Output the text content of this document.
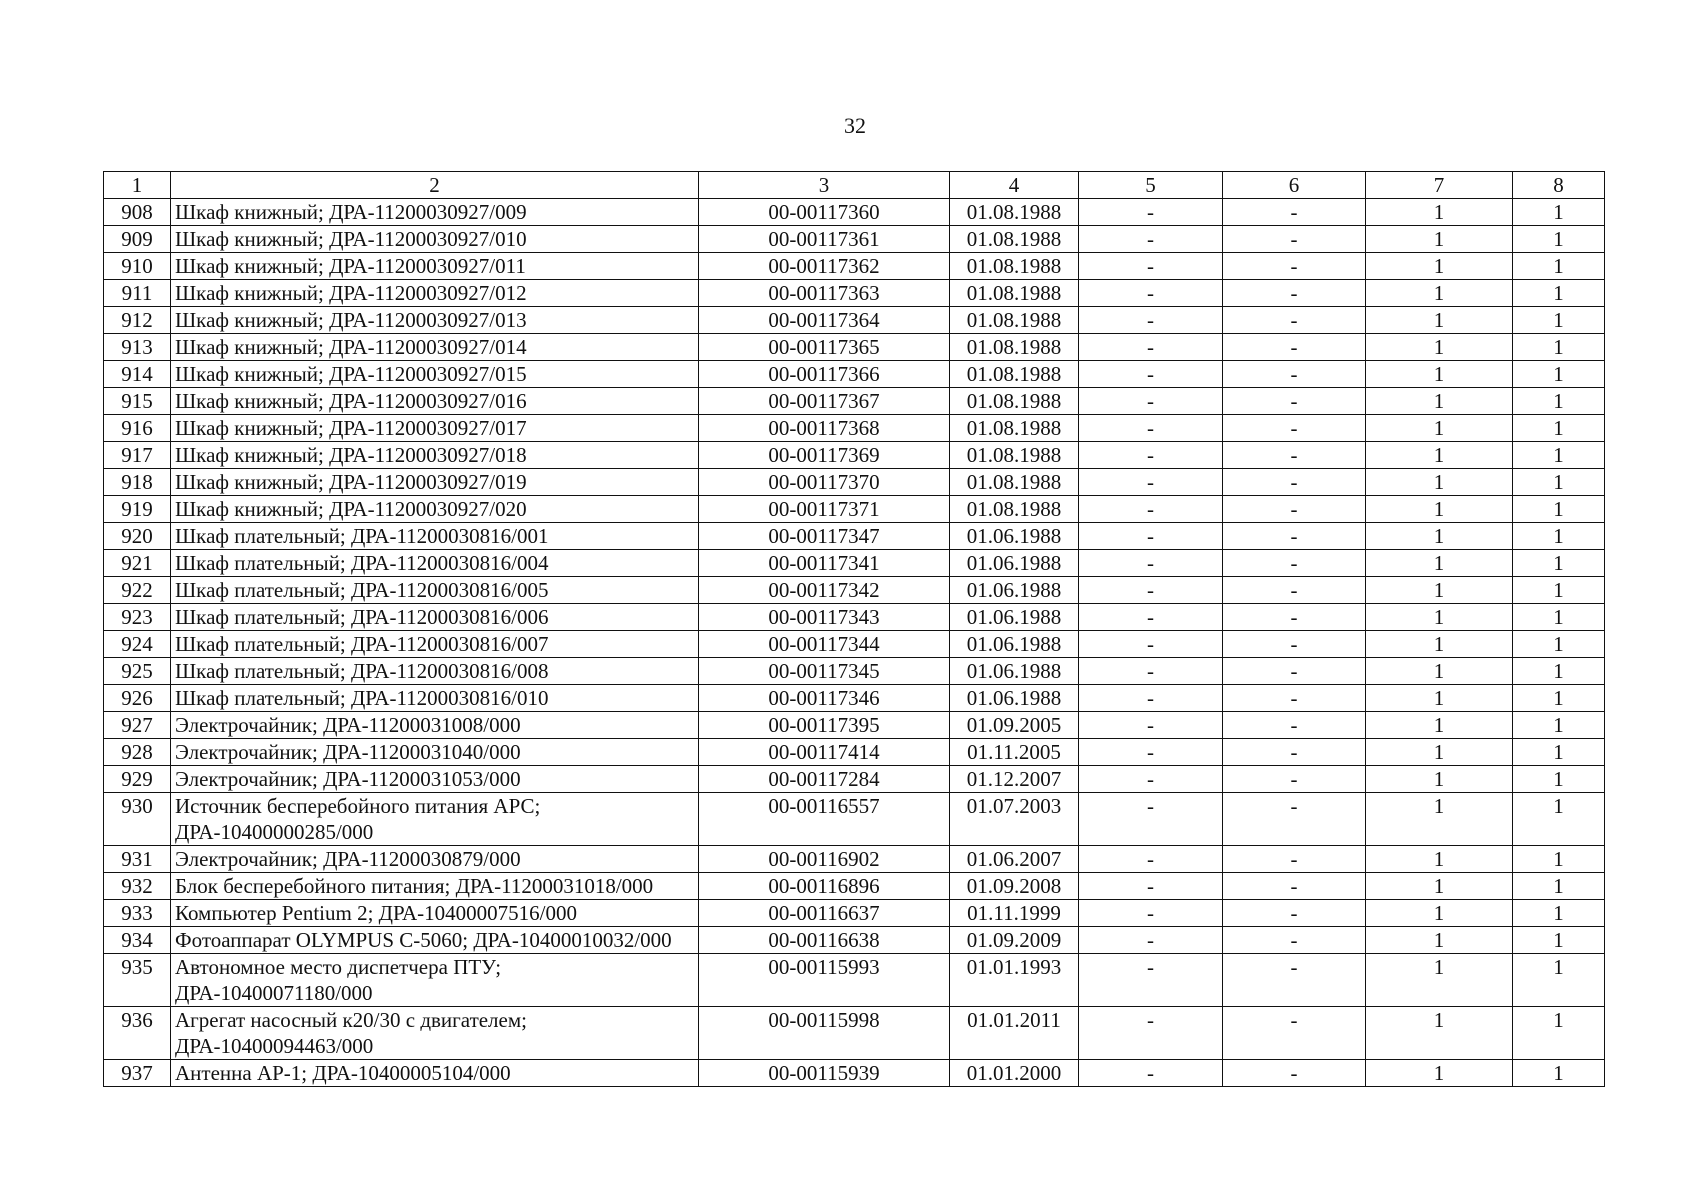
32
1	2	3	4	5	6	7	8
908	Шкаф книжный; ДРА-11200030927/009	00-00117360	01.08.1988	-	-	1	1
909	Шкаф книжный; ДРА-11200030927/010	00-00117361	01.08.1988	-	-	1	1
910	Шкаф книжный; ДРА-11200030927/011	00-00117362	01.08.1988	-	-	1	1
911	Шкаф книжный; ДРА-11200030927/012	00-00117363	01.08.1988	-	-	1	1
912	Шкаф книжный; ДРА-11200030927/013	00-00117364	01.08.1988	-	-	1	1
913	Шкаф книжный; ДРА-11200030927/014	00-00117365	01.08.1988	-	-	1	1
914	Шкаф книжный; ДРА-11200030927/015	00-00117366	01.08.1988	-	-	1	1
915	Шкаф книжный; ДРА-11200030927/016	00-00117367	01.08.1988	-	-	1	1
916	Шкаф книжный; ДРА-11200030927/017	00-00117368	01.08.1988	-	-	1	1
917	Шкаф книжный; ДРА-11200030927/018	00-00117369	01.08.1988	-	-	1	1
918	Шкаф книжный; ДРА-11200030927/019	00-00117370	01.08.1988	-	-	1	1
919	Шкаф книжный; ДРА-11200030927/020	00-00117371	01.08.1988	-	-	1	1
920	Шкаф плательный; ДРА-11200030816/001	00-00117347	01.06.1988	-	-	1	1
921	Шкаф плательный; ДРА-11200030816/004	00-00117341	01.06.1988	-	-	1	1
922	Шкаф плательный; ДРА-11200030816/005	00-00117342	01.06.1988	-	-	1	1
923	Шкаф плательный; ДРА-11200030816/006	00-00117343	01.06.1988	-	-	1	1
924	Шкаф плательный; ДРА-11200030816/007	00-00117344	01.06.1988	-	-	1	1
925	Шкаф плательный; ДРА-11200030816/008	00-00117345	01.06.1988	-	-	1	1
926	Шкаф плательный; ДРА-11200030816/010	00-00117346	01.06.1988	-	-	1	1
927	Электрочайник; ДРА-11200031008/000	00-00117395	01.09.2005	-	-	1	1
928	Электрочайник; ДРА-11200031040/000	00-00117414	01.11.2005	-	-	1	1
929	Электрочайник; ДРА-11200031053/000	00-00117284	01.12.2007	-	-	1	1
930	Источник бесперебойного питания АРС; ДРА-10400000285/000	00-00116557	01.07.2003	-	-	1	1
931	Электрочайник; ДРА-11200030879/000	00-00116902	01.06.2007	-	-	1	1
932	Блок бесперебойного питания; ДРА-11200031018/000	00-00116896	01.09.2008	-	-	1	1
933	Компьютер Pentium 2; ДРА-10400007516/000	00-00116637	01.11.1999	-	-	1	1
934	Фотоаппарат OLYMPUS C-5060; ДРА-10400010032/000	00-00116638	01.09.2009	-	-	1	1
935	Автономное место диспетчера ПТУ; ДРА-10400071180/000	00-00115993	01.01.1993	-	-	1	1
936	Агрегат насосный к20/30 с двигателем; ДРА-10400094463/000	00-00115998	01.01.2011	-	-	1	1
937	Антенна АР-1; ДРА-10400005104/000	00-00115939	01.01.2000	-	-	1	1
